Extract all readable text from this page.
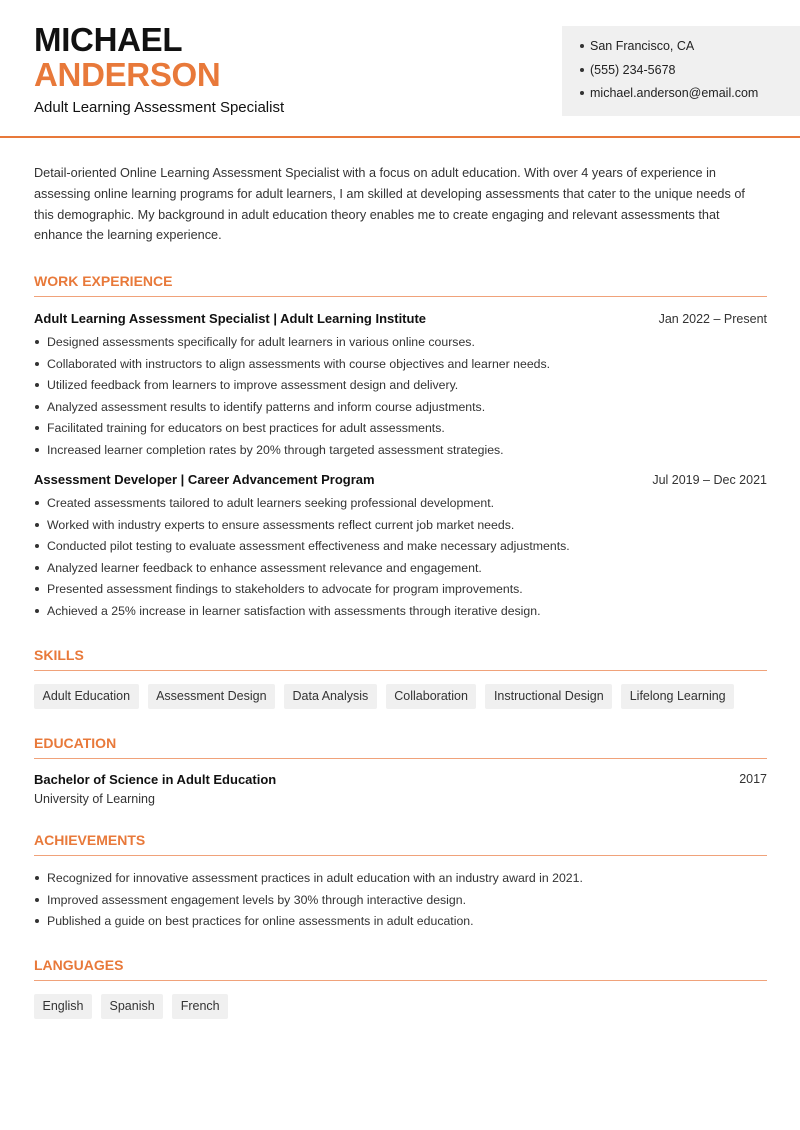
MICHAEL
ANDERSON
Adult Learning Assessment Specialist
San Francisco, CA
(555) 234-5678
michael.anderson@email.com

Detail-oriented Online Learning Assessment Specialist with a focus on adult education. With over 4 years of experience in assessing online learning programs for adult learners, I am skilled at developing assessments that cater to the unique needs of this demographic. My background in adult education theory enables me to create engaging and relevant assessments that enhance the learning experience.

WORK EXPERIENCE
Adult Learning Assessment Specialist | Adult Learning Institute	Jan 2022 – Present
Designed assessments specifically for adult learners in various online courses.
Collaborated with instructors to align assessments with course objectives and learner needs.
Utilized feedback from learners to improve assessment design and delivery.
Analyzed assessment results to identify patterns and inform course adjustments.
Facilitated training for educators on best practices for adult assessments.
Increased learner completion rates by 20% through targeted assessment strategies.
Assessment Developer | Career Advancement Program	Jul 2019 – Dec 2021
Created assessments tailored to adult learners seeking professional development.
Worked with industry experts to ensure assessments reflect current job market needs.
Conducted pilot testing to evaluate assessment effectiveness and make necessary adjustments.
Analyzed learner feedback to enhance assessment relevance and engagement.
Presented assessment findings to stakeholders to advocate for program improvements.
Achieved a 25% increase in learner satisfaction with assessments through iterative design.
SKILLS
Adult Education	Assessment Design	Data Analysis	Collaboration	Instructional Design	Lifelong Learning
EDUCATION
Bachelor of Science in Adult Education	2017
University of Learning
ACHIEVEMENTS
Recognized for innovative assessment practices in adult education with an industry award in 2021.
Improved assessment engagement levels by 30% through interactive design.
Published a guide on best practices for online assessments in adult education.
LANGUAGES
English	Spanish	French
